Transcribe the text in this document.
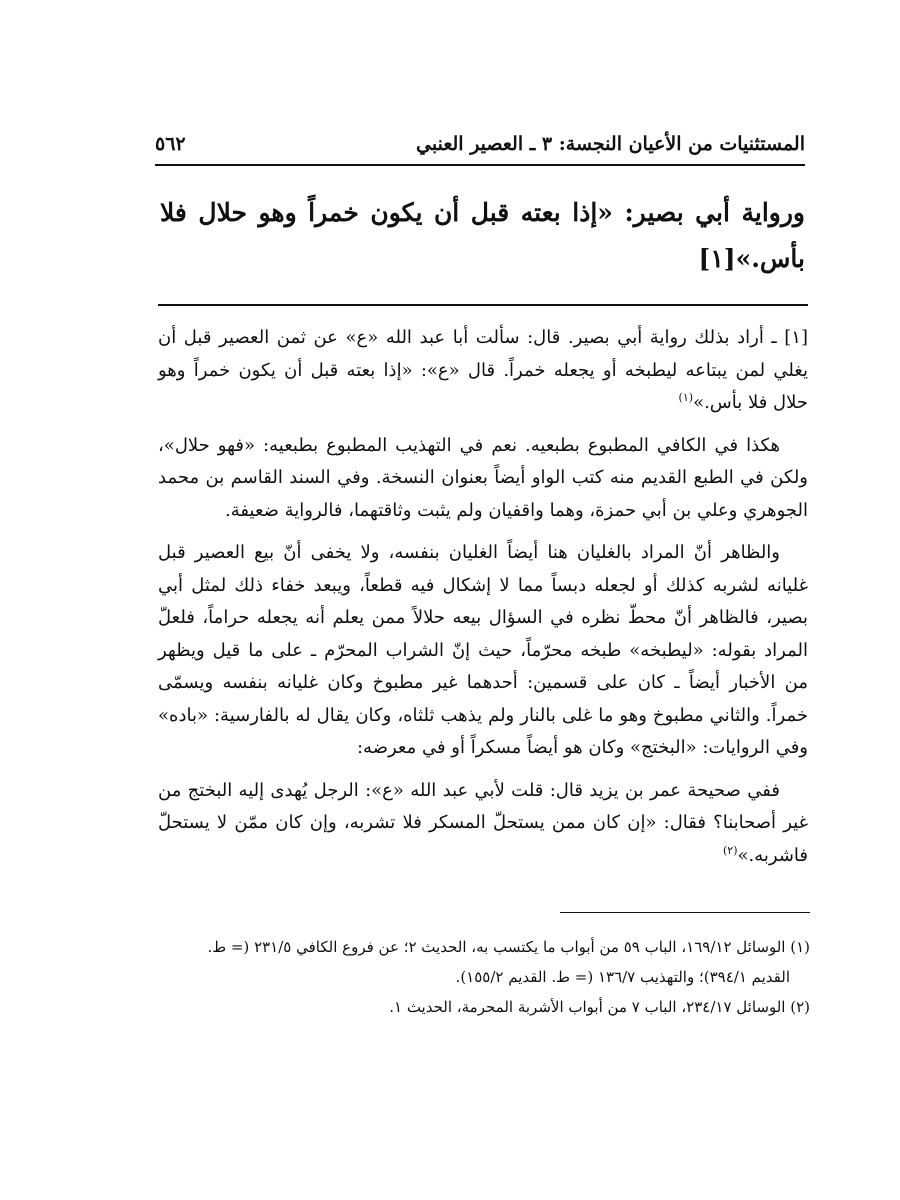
المستثنيات من الأعيان النجسة: ٣ ـ العصير العنبي
٥٦٢

ورواية أبي بصير: «إذا بعته قبل أن يكون خمراً وهو حلال فلا بأس.»[١]

[١] ـ أراد بذلك رواية أبي بصير. قال: سألت أبا عبد الله «ع» عن ثمن العصير قبل أن يغلي لمن يبتاعه ليطبخه أو يجعله خمراً. قال «ع»: «إذا بعته قبل أن يكون خمراً وهو حلال فلا بأس.»$^{(١)}$

هكذا في الكافي المطبوع بطبعيه. نعم في التهذيب المطبوع بطبعيه: «فهو حلال»، ولكن في الطبع القديم منه كتب الواو أيضاً بعنوان النسخة. وفي السند القاسم بن محمد الجوهري وعلي بن أبي حمزة، وهما واقفيان ولم يثبت وثاقتهما، فالرواية ضعيفة.

والظاهر أنّ المراد بالغليان هنا أيضاً الغليان بنفسه، ولا يخفى أنّ بيع العصير قبل غليانه لشربه كذلك أو لجعله دبساً مما لا إشكال فيه قطعاً، ويبعد خفاء ذلك لمثل أبي بصير، فالظاهر أنّ محطّ نظره في السؤال بيعه حلالاً ممن يعلم أنه يجعله حراماً، فلعلّ المراد بقوله: «ليطبخه» طبخه محرّماً، حيث إنّ الشراب المحرّم ـ على ما قيل ويظهر من الأخبار أيضاً ـ كان على قسمين: أحدهما غير مطبوخ وكان غليانه بنفسه ويسمّى خمراً. والثاني مطبوخ وهو ما غلى بالنار ولم يذهب ثلثاه، وكان يقال له بالفارسية: «باده» وفي الروايات: «البختج» وكان هو أيضاً مسكراً أو في معرضه:

ففي صحيحة عمر بن يزيد قال: قلت لأبي عبد الله «ع»: الرجل يُهدى إليه البختج من غير أصحابنا؟ فقال: «إن كان ممن يستحلّ المسكر فلا تشربه، وإن كان ممّن لا يستحلّ فاشربه.»$^{(٢)}$

(١) الوسائل ١٦٩/١٢، الباب ٥٩ من أبواب ما يكتسب به، الحديث ٢؛ عن فروع الكافي ٢٣١/٥ (= ط.

القديم ٣٩٤/١)؛ والتهذيب ١٣٦/٧ (= ط. القديم ١٥٥/٢).

(٢) الوسائل ٢٣٤/١٧، الباب ٧ من أبواب الأشربة المحرمة، الحديث ١.
